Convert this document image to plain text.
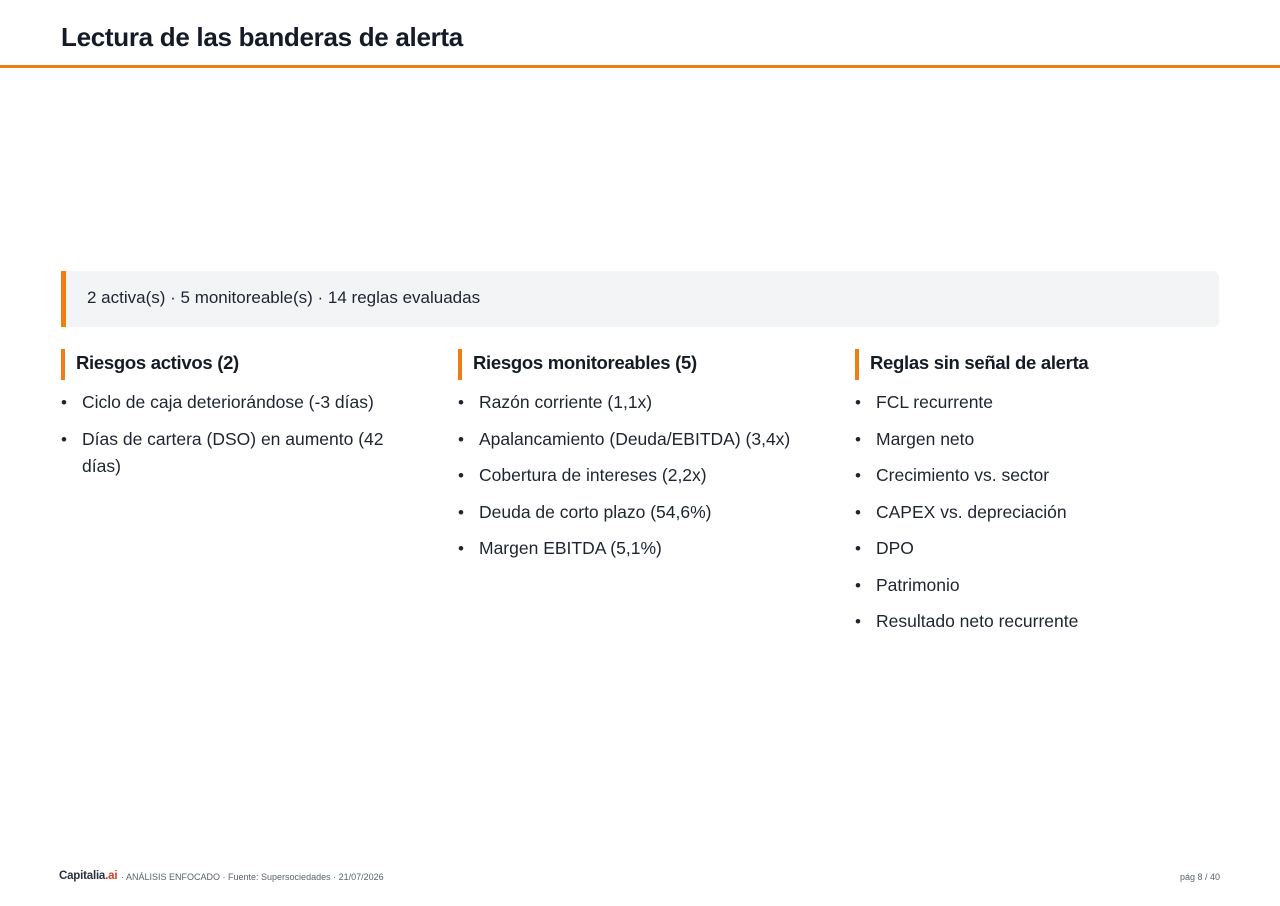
Lectura de las banderas de alerta
2 activa(s) · 5 monitoreable(s) · 14 reglas evaluadas
Riesgos activos (2)
• Ciclo de caja deteriorándose (-3 días)
• Días de cartera (DSO) en aumento (42 días)
Riesgos monitoreables (5)
• Razón corriente (1,1x)
• Apalancamiento (Deuda/EBITDA) (3,4x)
• Cobertura de intereses (2,2x)
• Deuda de corto plazo (54,6%)
• Margen EBITDA (5,1%)
Reglas sin señal de alerta
• FCL recurrente
• Margen neto
• Crecimiento vs. sector
• CAPEX vs. depreciación
• DPO
• Patrimonio
• Resultado neto recurrente
Capitalia.ai · ANÁLISIS ENFOCADO · Fuente: Supersociedades · 21/07/2026	pág 8 / 40
